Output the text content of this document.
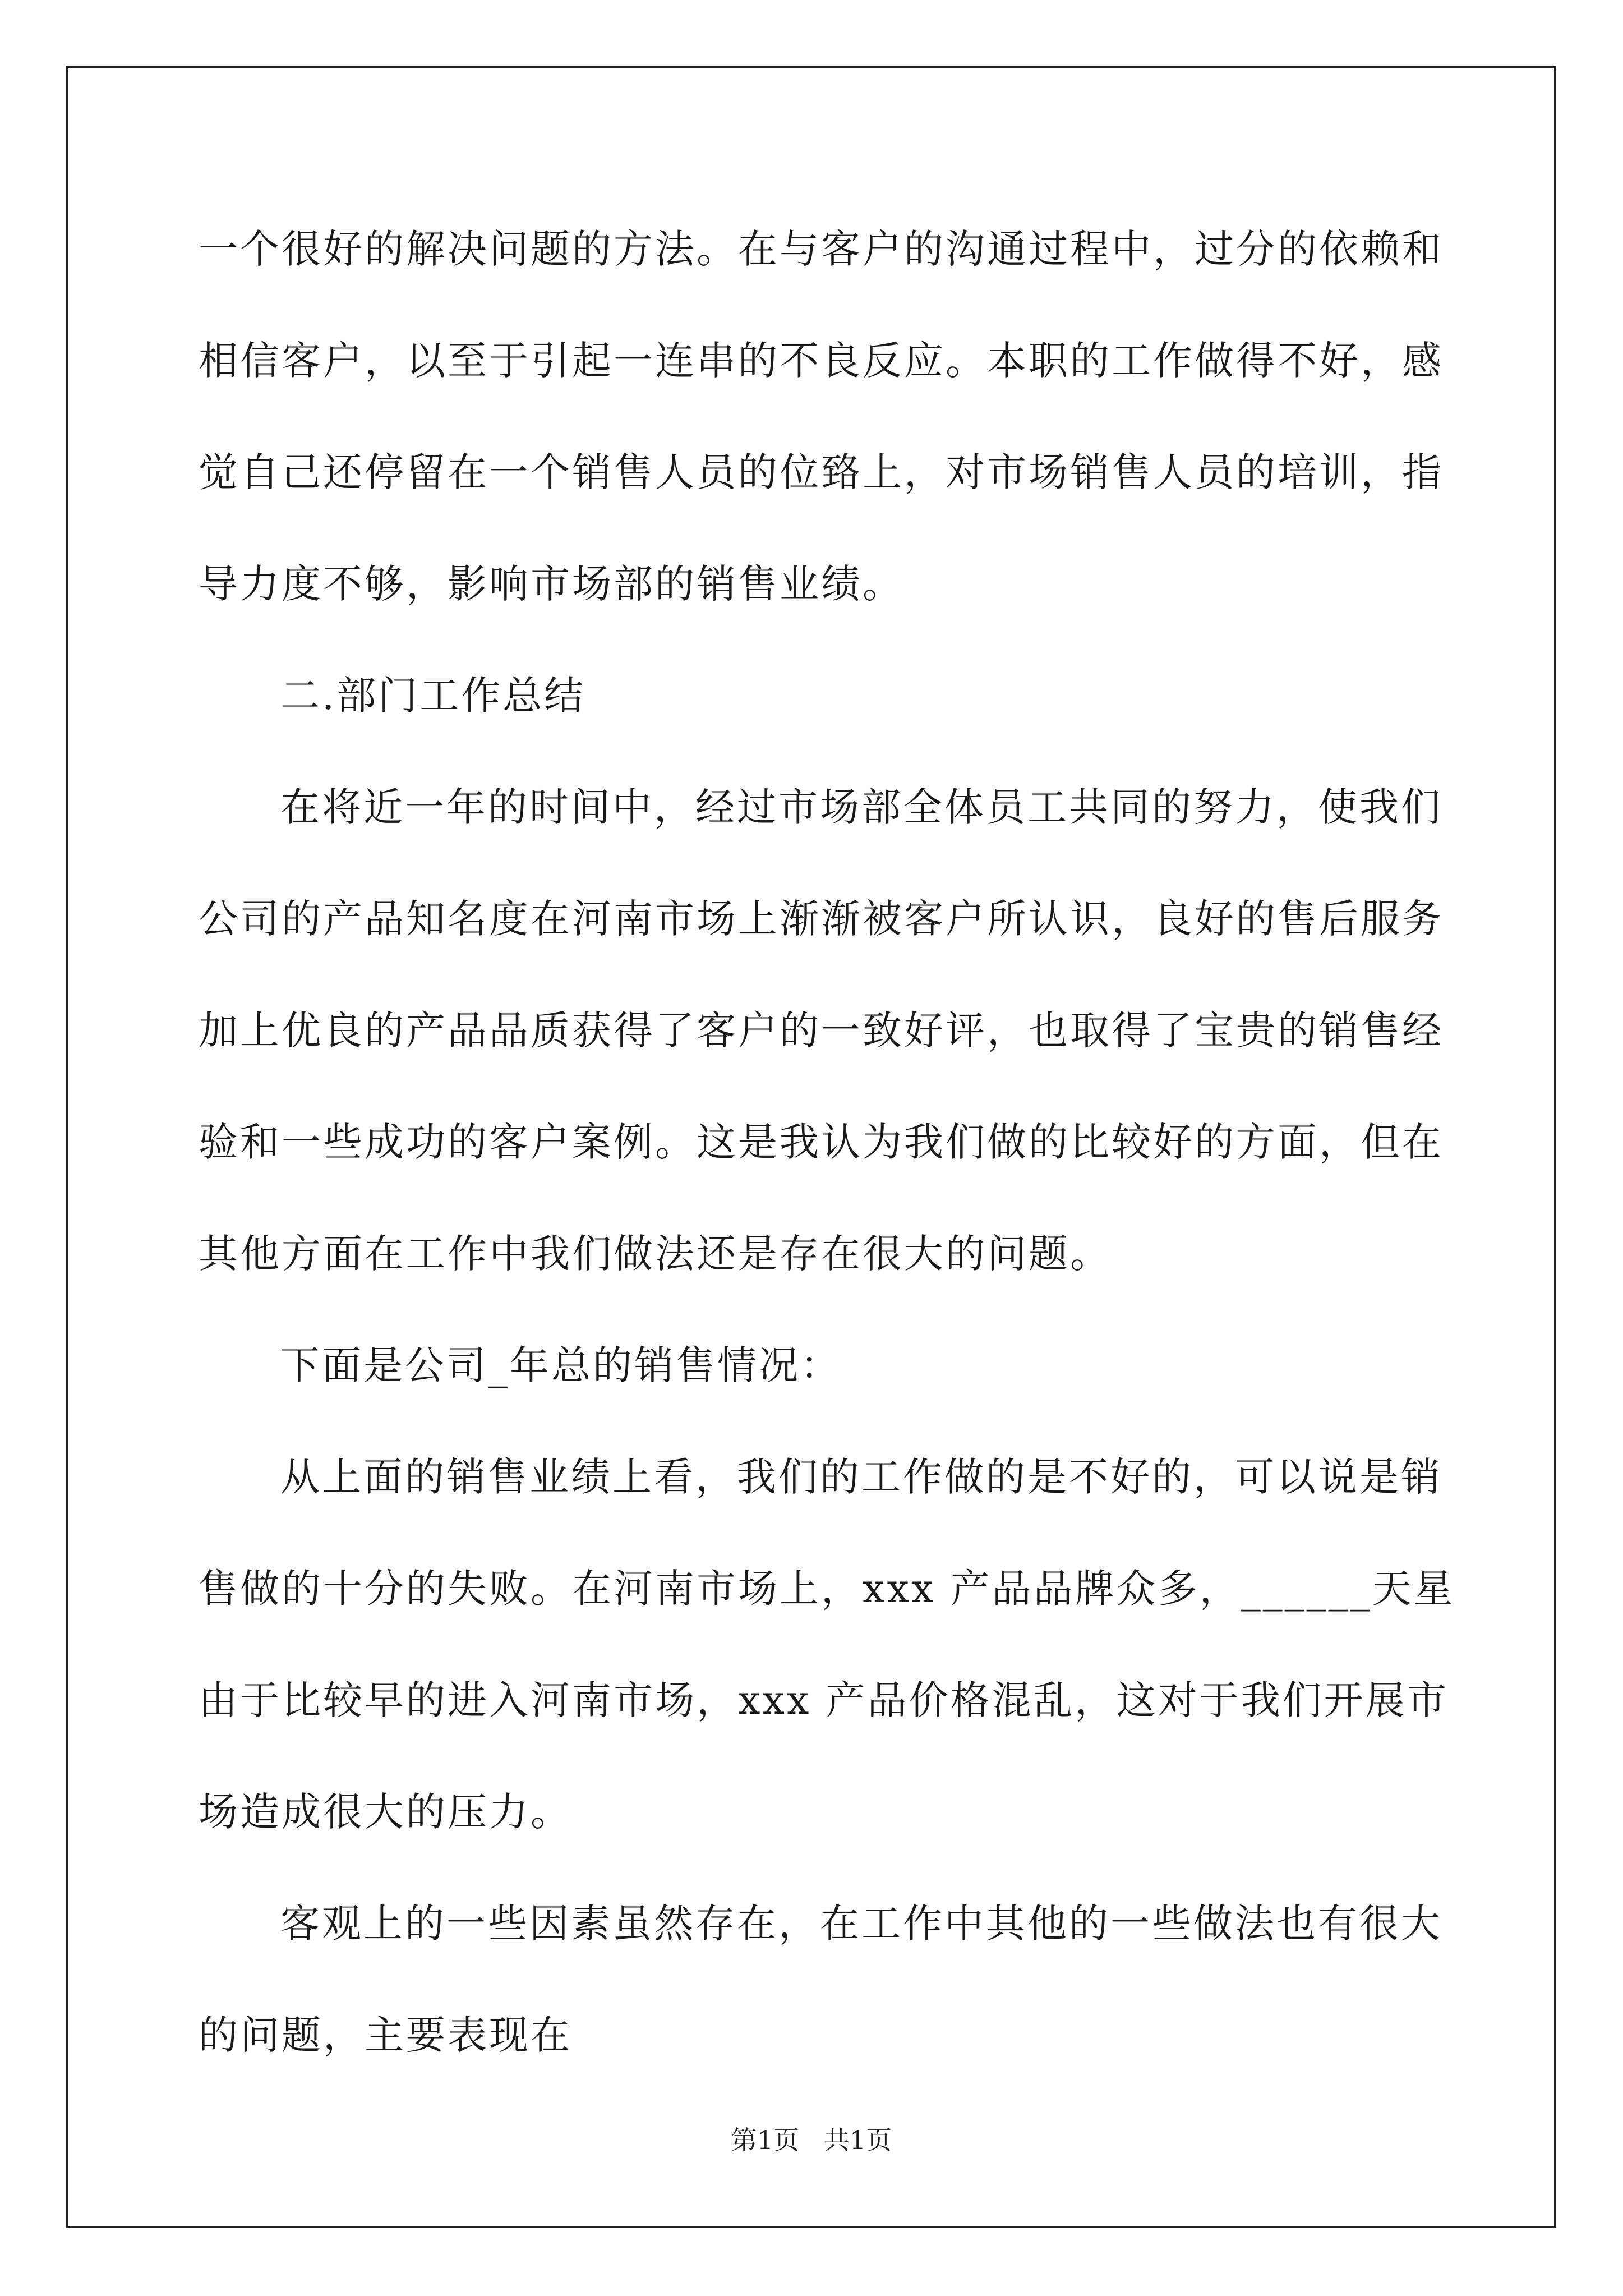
一个很好的解决问题的方法。在与客户的沟通过程中，过分的依赖和
相信客户，以至于引起一连串的不良反应。本职的工作做得不好，感
觉自己还停留在一个销售人员的位臵上，对市场销售人员的培训，指
导力度不够，影响市场部的销售业绩。
二.部门工作总结
在将近一年的时间中，经过市场部全体员工共同的努力，使我们
公司的产品知名度在河南市场上渐渐被客户所认识，良好的售后服务
加上优良的产品品质获得了客户的一致好评，也取得了宝贵的销售经
验和一些成功的客户案例。这是我认为我们做的比较好的方面，但在
其他方面在工作中我们做法还是存在很大的问题。
下面是公司_年总的销售情况：
从上面的销售业绩上看，我们的工作做的是不好的，可以说是销
售做的十分的失败。在河南市场上，xxx 产品品牌众多，______天星
由于比较早的进入河南市场，xxx 产品价格混乱，这对于我们开展市
场造成很大的压力。
客观上的一些因素虽然存在，在工作中其他的一些做法也有很大
的问题，主要表现在
第1页   共1页
